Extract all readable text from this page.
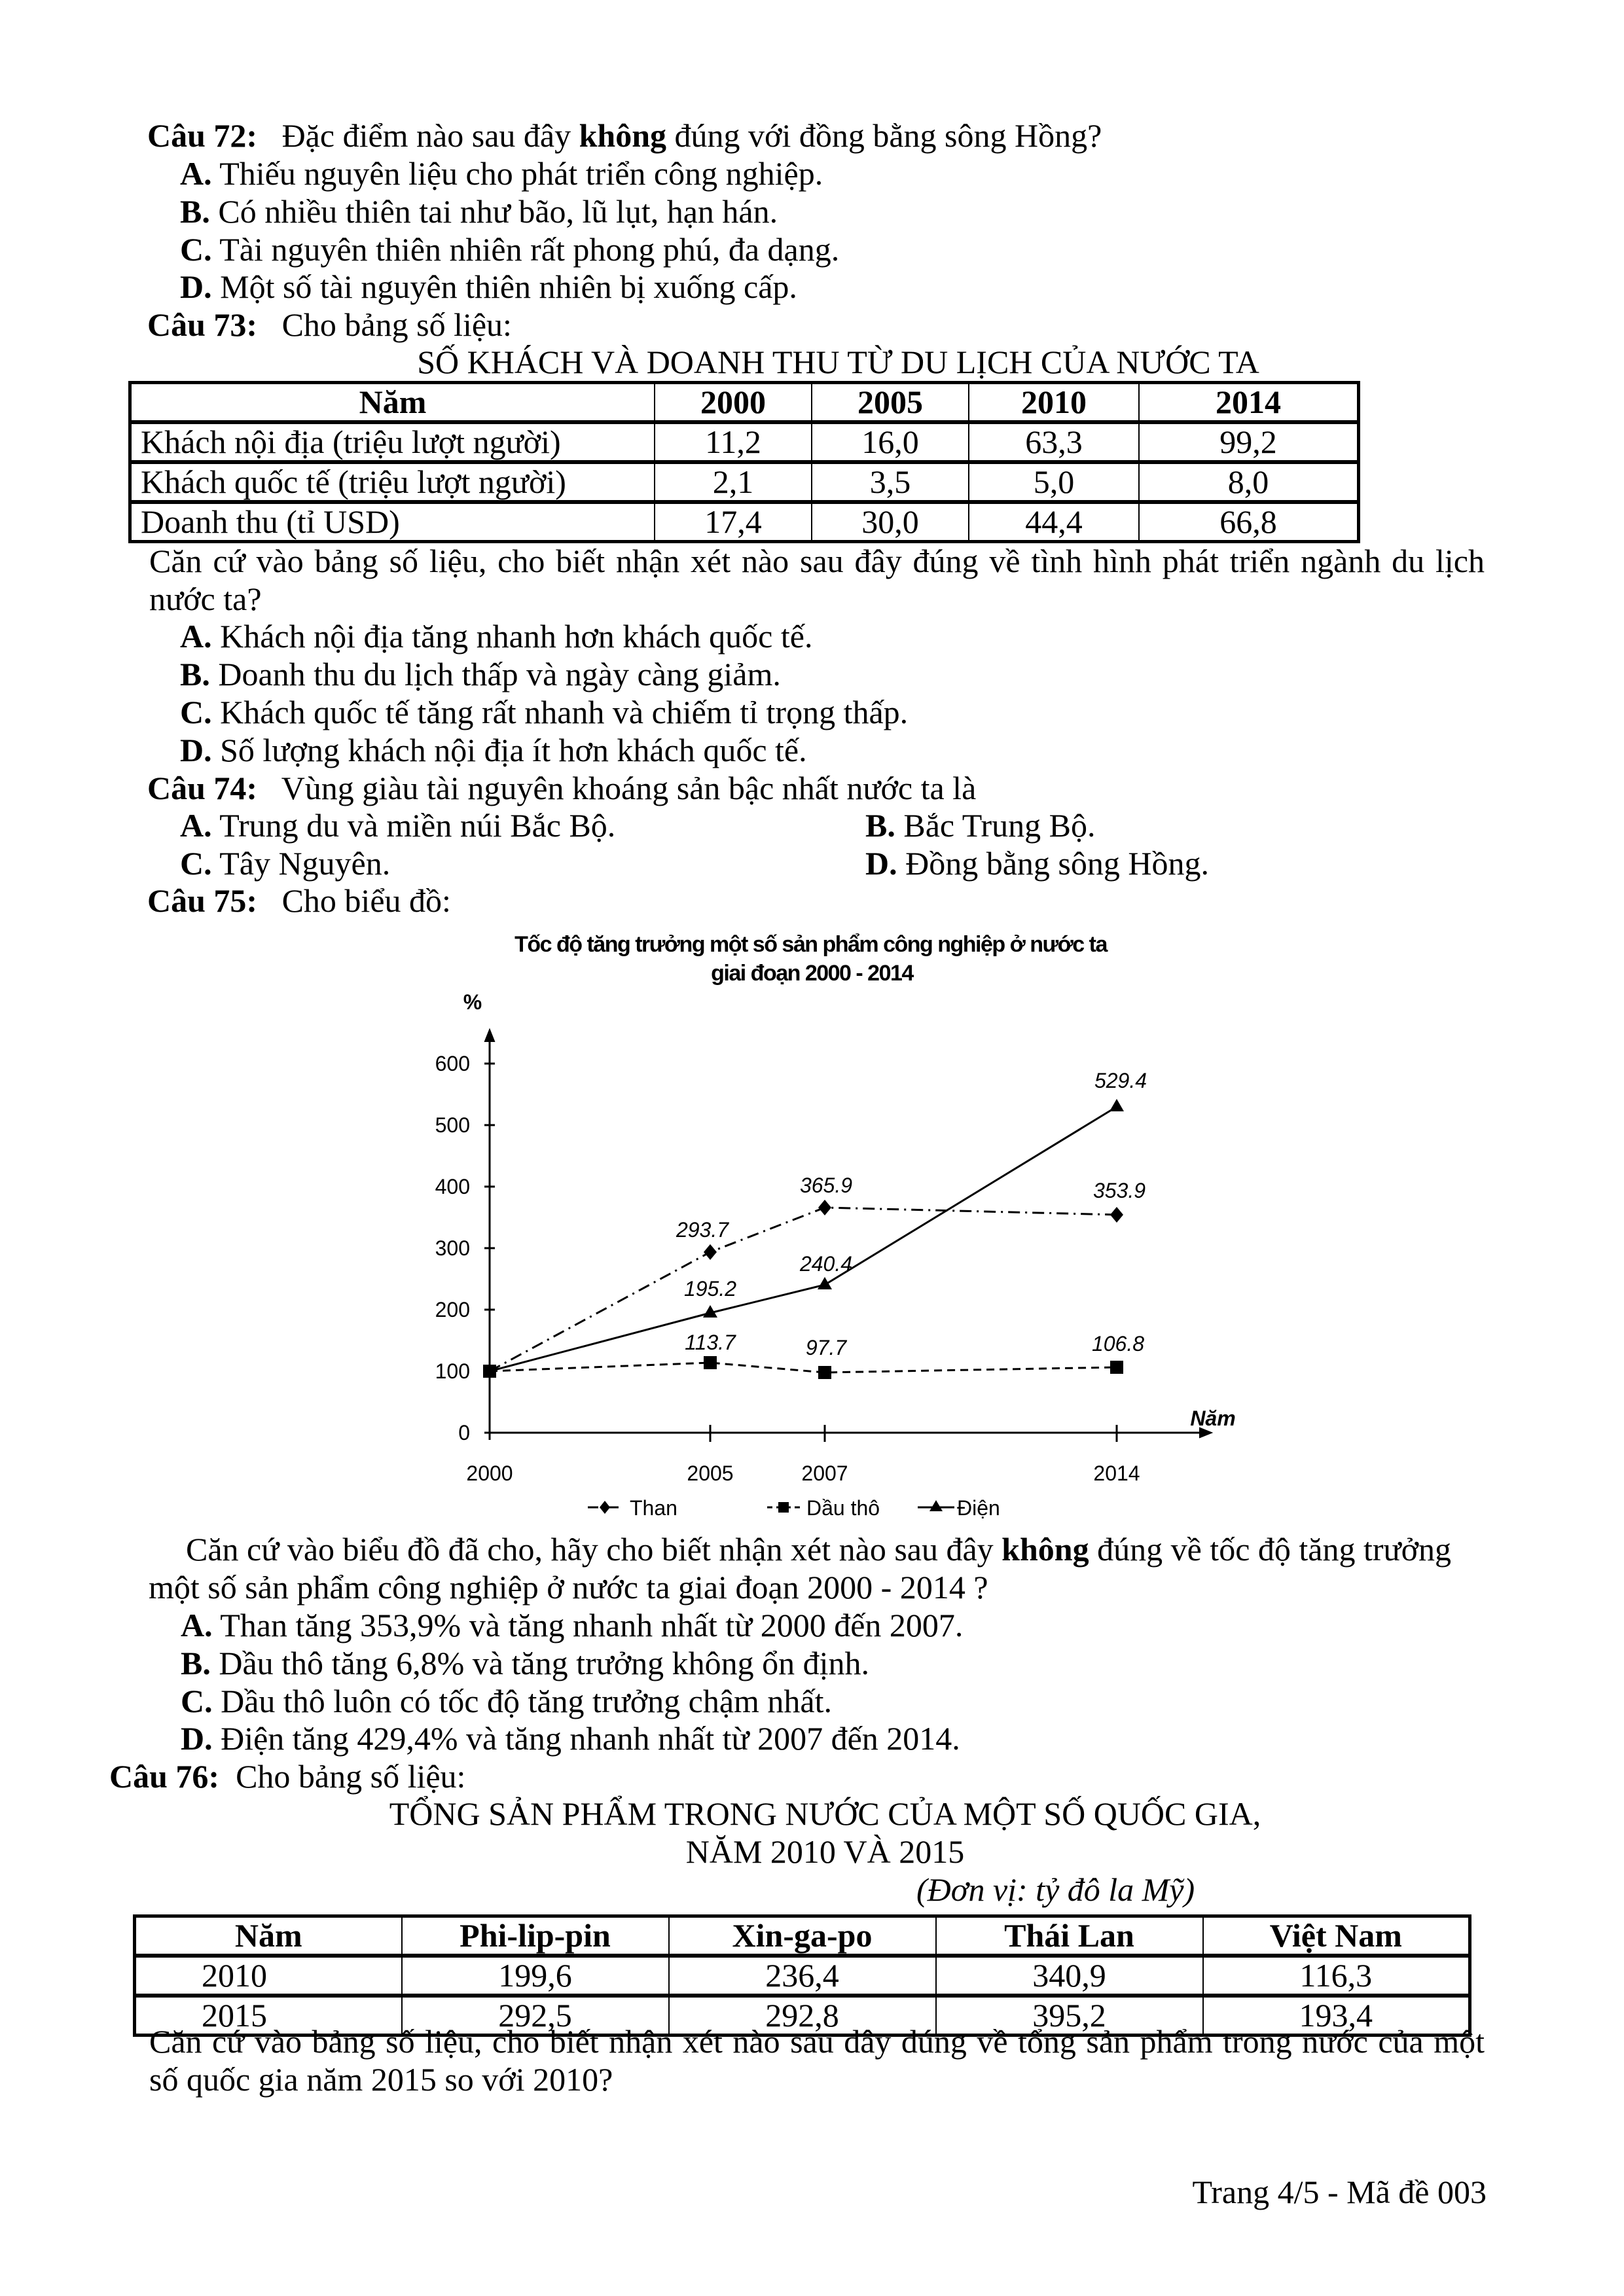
Câu 72: Đặc điểm nào sau đây không đúng với đồng bằng sông Hồng?
A. Thiếu nguyên liệu cho phát triển công nghiệp.
B. Có nhiều thiên tai như bão, lũ lụt, hạn hán.
C. Tài nguyên thiên nhiên rất phong phú, đa dạng.
D. Một số tài nguyên thiên nhiên bị xuống cấp.
Câu 73: Cho bảng số liệu:
SỐ KHÁCH VÀ DOANH THU TỪ DU LỊCH CỦA NƯỚC TA
Năm	2000	2005	2010	2014
Khách nội địa (triệu lượt người)	11,2	16,0	63,3	99,2
Khách quốc tế (triệu lượt người)	2,1	3,5	5,0	8,0
Doanh thu (tỉ USD)	17,4	30,0	44,4	66,8
Căn cứ vào bảng số liệu, cho biết nhận xét nào sau đây đúng về tình hình phát triển ngành du lịch
nước ta?
A. Khách nội địa tăng nhanh hơn khách quốc tế.
B. Doanh thu du lịch thấp và ngày càng giảm.
C. Khách quốc tế tăng rất nhanh và chiếm tỉ trọng thấp.
D. Số lượng khách nội địa ít hơn khách quốc tế.
Câu 74: Vùng giàu tài nguyên khoáng sản bậc nhất nước ta là
A. Trung du và miền núi Bắc Bộ.	B. Bắc Trung Bộ.
C. Tây Nguyên.	D. Đồng bằng sông Hồng.
Câu 75: Cho biểu đồ:
Tốc độ tăng trưởng một số sản phẩm công nghiệp ở nước ta
giai đoạn 2000 - 2014
%
0
100
200
300
400
500
600
2000	2005	2007	2014
Năm
293.7
365.9	353.9
113.7	97.7	106.8
195.2
240.4
529.4
Than	Dầu thô	Điện
Căn cứ vào biểu đồ đã cho, hãy cho biết nhận xét nào sau đây không đúng về tốc độ tăng trưởng
một số sản phẩm công nghiệp ở nước ta giai đoạn 2000 - 2014 ?
A. Than tăng 353,9% và tăng nhanh nhất từ 2000 đến 2007.
B. Dầu thô tăng 6,8% và tăng trưởng không ổn định.
C. Dầu thô luôn có tốc độ tăng trưởng chậm nhất.
D. Điện tăng 429,4% và tăng nhanh nhất từ 2007 đến 2014.
Câu 76: Cho bảng số liệu:
TỔNG SẢN PHẨM TRONG NƯỚC CỦA MỘT SỐ QUỐC GIA,
NĂM 2010 VÀ 2015
(Đơn vị: tỷ đô la Mỹ)
Năm	Phi-lip-pin	Xin-ga-po	Thái Lan	Việt Nam
2010	199,6	236,4	340,9	116,3
2015	292,5	292,8	395,2	193,4
Căn cứ vào bảng số liệu, cho biết nhận xét nào sau đây đúng về tổng sản phẩm trong nước của một
số quốc gia năm 2015 so với 2010?
Trang 4/5 - Mã đề 003
